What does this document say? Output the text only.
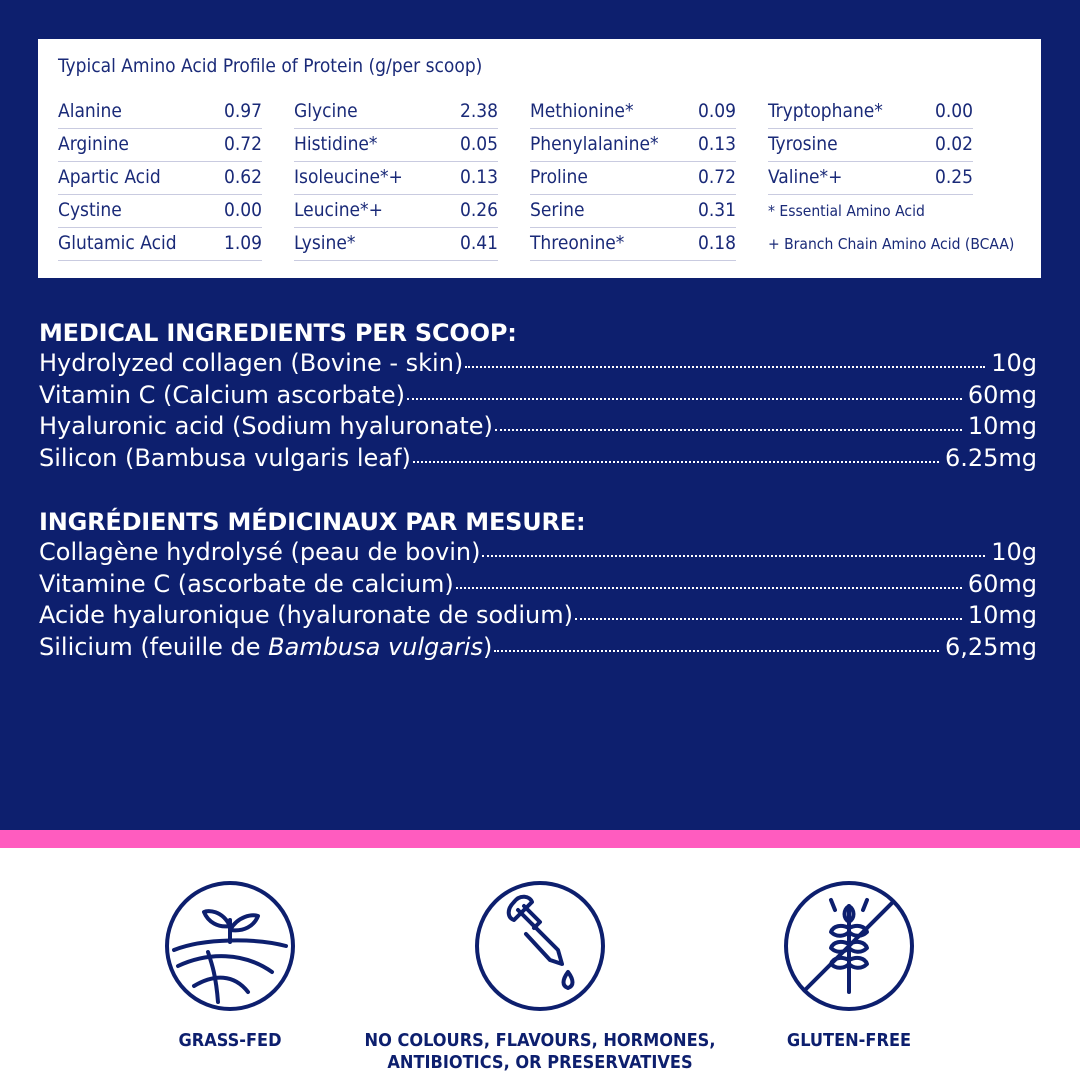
Typical Amino Acid Profile of Protein (g/per scoop)
Alanine	0.97
Arginine	0.72
Apartic Acid	0.62
Cystine	0.00
Glutamic Acid 1.09
Glycine	2.38
Histidine*	0.05
Isoleucine*+	0.13
Leucine*+	0.26
Lysine*	0.41
Methionine*	0.09
Phenylalanine* 0.13
Proline	0.72
Serine	0.31
Threonine*	0.18
Tryptophane*	0.00
Tyrosine	0.02
Valine*+	0.25
* Essential Amino Acid
+ Branch Chain Amino Acid (BCAA)
MEDICAL INGREDIENTS PER SCOOP:
Hydrolyzed collagen (Bovine - skin)	10g
Vitamin C (Calcium ascorbate)	60mg
Hyaluronic acid (Sodium hyaluronate)	10mg
Silicon (Bambusa vulgaris leaf)	6.25mg
INGRÉDIENTS MÉDICINAUX PAR MESURE:
Collagène hydrolysé (peau de bovin)	10g
Vitamine C (ascorbate de calcium)	60mg
Acide hyaluronique (hyaluronate de sodium)	10mg
Silicium (feuille de Bambusa vulgaris)	6,25mg
GRASS-FED	NO COLOURS, FLAVOURS, HORMONES,
ANTIBIOTICS, OR PRESERVATIVES
GLUTEN-FREE
